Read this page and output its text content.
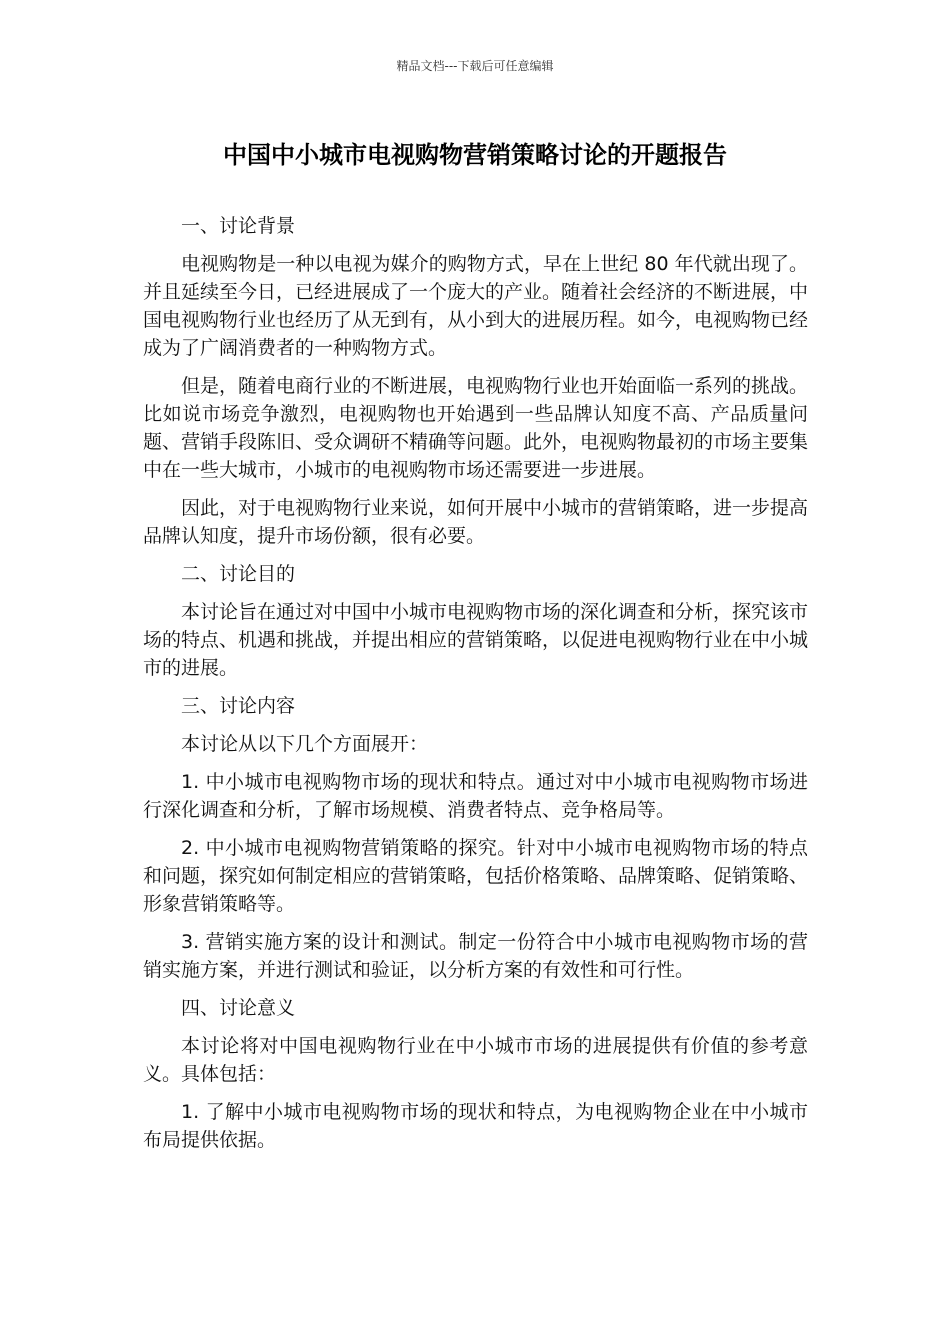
精品文档---下载后可任意编辑
中国中小城市电视购物营销策略讨论的开题报告

一、讨论背景

电视购物是一种以电视为媒介的购物方式，早在上世纪 80 年代就出现了。并且延续至今日，已经进展成了一个庞大的产业。随着社会经济的不断进展，中国电视购物行业也经历了从无到有，从小到大的进展历程。如今，电视购物已经成为了广阔消费者的一种购物方式。

但是，随着电商行业的不断进展，电视购物行业也开始面临一系列的挑战。比如说市场竞争激烈，电视购物也开始遇到一些品牌认知度不高、产品质量问题、营销手段陈旧、受众调研不精确等问题。此外，电视购物最初的市场主要集中在一些大城市，小城市的电视购物市场还需要进一步进展。

因此，对于电视购物行业来说，如何开展中小城市的营销策略，进一步提高品牌认知度，提升市场份额，很有必要。

二、讨论目的

本讨论旨在通过对中国中小城市电视购物市场的深化调查和分析，探究该市场的特点、机遇和挑战，并提出相应的营销策略，以促进电视购物行业在中小城市的进展。

三、讨论内容

本讨论从以下几个方面展开：

1. 中小城市电视购物市场的现状和特点。通过对中小城市电视购物市场进行深化调查和分析，了解市场规模、消费者特点、竞争格局等。

2. 中小城市电视购物营销策略的探究。针对中小城市电视购物市场的特点和问题，探究如何制定相应的营销策略，包括价格策略、品牌策略、促销策略、形象营销策略等。

3. 营销实施方案的设计和测试。制定一份符合中小城市电视购物市场的营销实施方案，并进行测试和验证，以分析方案的有效性和可行性。

四、讨论意义

本讨论将对中国电视购物行业在中小城市市场的进展提供有价值的参考意义。具体包括：

1. 了解中小城市电视购物市场的现状和特点，为电视购物企业在中小城市布局提供依据。
